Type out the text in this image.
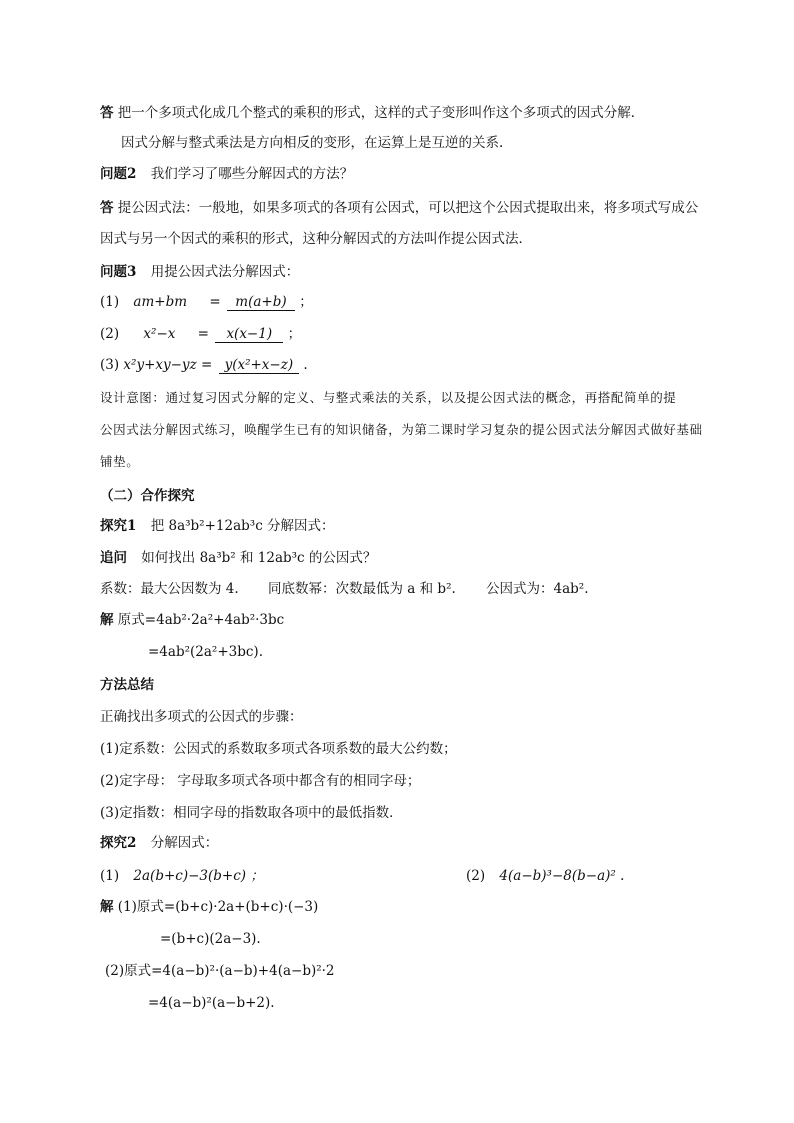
答 把一个多项式化成几个整式的乘积的形式，这样的式子变形叫作这个多项式的因式分解．
因式分解与整式乘法是方向相反的变形，在运算上是互逆的关系.
问题2 我们学习了哪些分解因式的方法？
答 提公因式法：一般地，如果多项式的各项有公因式，可以把这个公因式提取出来，将多项式写成公
因式与另一个因式的乘积的形式，这种分解因式的方法叫作提公因式法．
问题3 用提公因式法分解因式：
(1) am+bm = m(a+b) ；
(2) x²−x = x(x−1) ；
(3) x²y+xy−yz = y(x²+x−z) .
设计意图：通过复习因式分解的定义、与整式乘法的关系，以及提公因式法的概念，再搭配简单的提
公因式法分解因式练习，唤醒学生已有的知识储备，为第二课时学习复杂的提公因式法分解因式做好基础
铺垫。
（二）合作探究
探究1 把 8a³b²+12ab³c 分解因式：
追问 如何找出 8a³b² 和 12ab³c 的公因式？
系数：最大公因数为 4. 同底数幂：次数最低为 a 和 b². 公因式为：4ab².
解 原式=4ab²·2a²+4ab²·3bc
=4ab²(2a²+3bc).
方法总结
正确找出多项式的公因式的步骤：
(1)定系数：公因式的系数取多项式各项系数的最大公约数；
(2)定字母： 字母取多项式各项中都含有的相同字母；
(3)定指数：相同字母的指数取各项中的最低指数．
探究2 分解因式：
(1) 2a(b+c)−3(b+c) ；	(2) 4(a−b)³−8(b−a)² .
解 (1)原式=(b+c)·2a+(b+c)·(−3)
=(b+c)(2a−3).
(2)原式=4(a−b)²·(a−b)+4(a−b)²·2
=4(a−b)²(a−b+2).
